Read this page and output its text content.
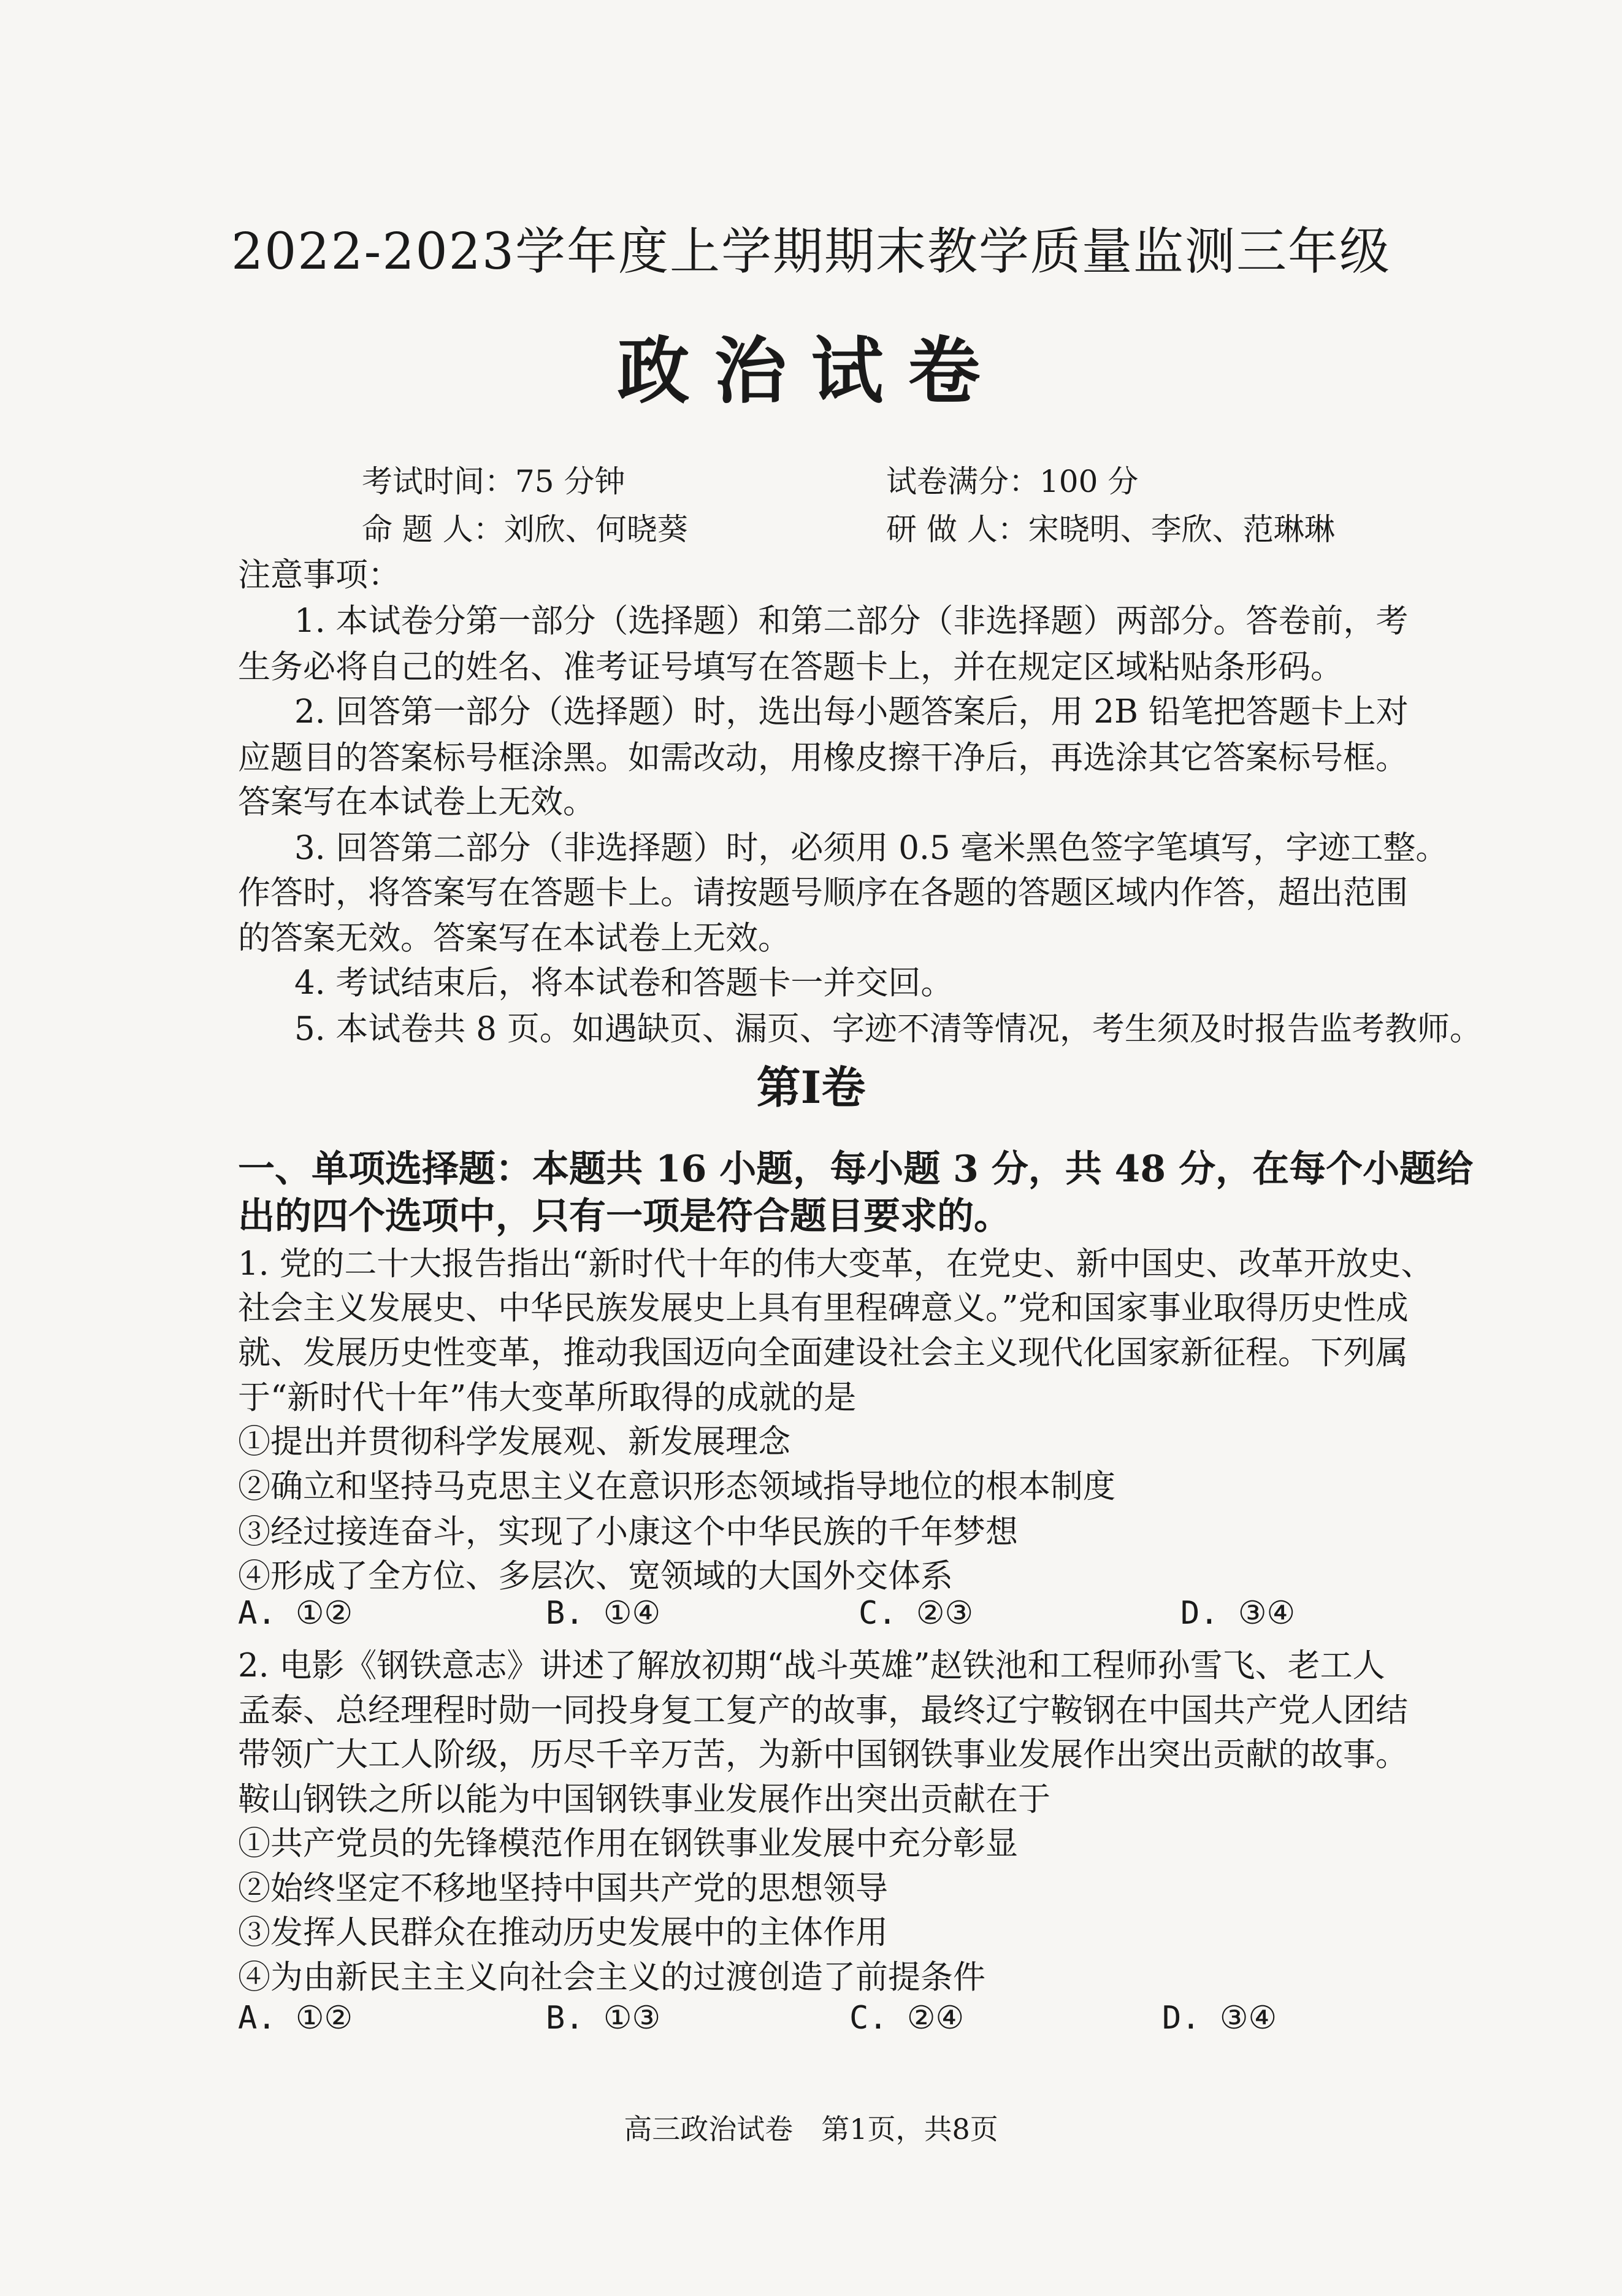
2022-2023学年度上学期期末教学质量监测三年级
政治试卷
考试时间：75 分钟	试卷满分：100 分
命 题 人：刘欣、何晓葵	研 做 人：宋晓明、李欣、范琳琳
注意事项：
1. 本试卷分第一部分（选择题）和第二部分（非选择题）两部分。答卷前，考
生务必将自己的姓名、准考证号填写在答题卡上，并在规定区域粘贴条形码。
2. 回答第一部分（选择题）时，选出每小题答案后，用 2B 铅笔把答题卡上对
应题目的答案标号框涂黑。如需改动，用橡皮擦干净后，再选涂其它答案标号框。
答案写在本试卷上无效。
3. 回答第二部分（非选择题）时，必须用 0.5 毫米黑色签字笔填写，字迹工整。
作答时，将答案写在答题卡上。请按题号顺序在各题的答题区域内作答，超出范围
的答案无效。答案写在本试卷上无效。
4. 考试结束后，将本试卷和答题卡一并交回。
5. 本试卷共 8 页。如遇缺页、漏页、字迹不清等情况，考生须及时报告监考教师。
第Ⅰ卷
一、单项选择题：本题共 16 小题，每小题 3 分，共 48 分，在每个小题给
出的四个选项中，只有一项是符合题目要求的。
1. 党的二十大报告指出“新时代十年的伟大变革，在党史、新中国史、改革开放史、
社会主义发展史、中华民族发展史上具有里程碑意义。”党和国家事业取得历史性成
就、发展历史性变革，推动我国迈向全面建设社会主义现代化国家新征程。下列属
于“新时代十年”伟大变革所取得的成就的是
①提出并贯彻科学发展观、新发展理念
②确立和坚持马克思主义在意识形态领域指导地位的根本制度
③经过接连奋斗，实现了小康这个中华民族的千年梦想
④形成了全方位、多层次、宽领域的大国外交体系
A. ①②	B. ①④	C. ②③	D. ③④
2. 电影《钢铁意志》讲述了解放初期“战斗英雄”赵铁池和工程师孙雪飞、老工人
孟泰、总经理程时勋一同投身复工复产的故事，最终辽宁鞍钢在中国共产党人团结
带领广大工人阶级，历尽千辛万苦，为新中国钢铁事业发展作出突出贡献的故事。
鞍山钢铁之所以能为中国钢铁事业发展作出突出贡献在于
①共产党员的先锋模范作用在钢铁事业发展中充分彰显
②始终坚定不移地坚持中国共产党的思想领导
③发挥人民群众在推动历史发展中的主体作用
④为由新民主主义向社会主义的过渡创造了前提条件
A. ①②	B. ①③	C. ②④	D. ③④
高三政治试卷　第1页，共8页
